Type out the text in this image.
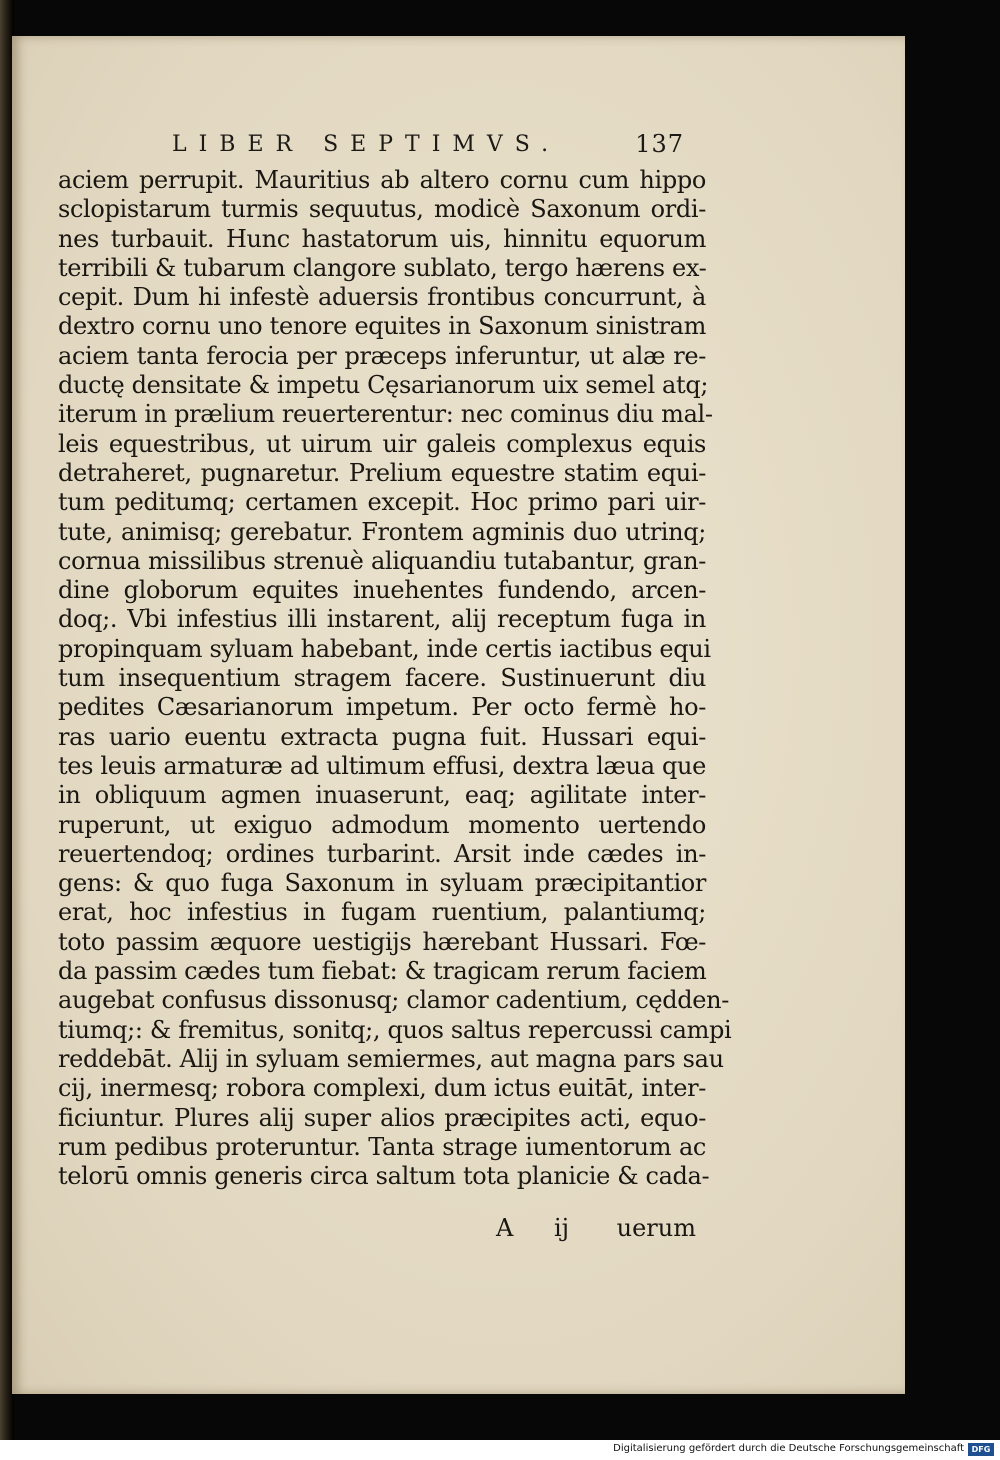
LIBER SEPTIMVS.	137
aciem perrupit. Mauritius ab altero cornu cum hippo
sclopistarum turmis sequutus, modicè Saxonum ordi-
nes turbauit. Hunc hastatorum uis, hinnitu equorum
terribili & tubarum clangore sublato, tergo hærens ex-
cepit. Dum hi infestè aduersis frontibus concurrunt, à
dextro cornu uno tenore equites in Saxonum sinistram
aciem tanta ferocia per præceps inferuntur, ut alæ re-
ductę densitate & impetu Cęsarianorum uix semel atq;
iterum in prælium reuerterentur: nec cominus diu mal-
leis equestribus, ut uirum uir galeis complexus equis
detraheret, pugnaretur. Prelium equestre statim equi-
tum peditumq; certamen excepit. Hoc primo pari uir-
tute, animisq; gerebatur. Frontem agminis duo utrinq;
cornua missilibus strenuè aliquandiu tutabantur, gran-
dine globorum equites inuehentes fundendo, arcen-
doq;. Vbi infestius illi instarent, alij receptum fuga in
propinquam syluam habebant, inde certis iactibus equi
tum insequentium stragem facere. Sustinuerunt diu
pedites Cæsarianorum impetum. Per octo fermè ho-
ras uario euentu extracta pugna fuit. Hussari equi-
tes leuis armaturæ ad ultimum effusi, dextra læua que
in obliquum agmen inuaserunt, eaq; agilitate inter-
ruperunt, ut exiguo admodum momento uertendo
reuertendoq; ordines turbarint. Arsit inde cædes in-
gens: & quo fuga Saxonum in syluam præcipitantior
erat, hoc infestius in fugam ruentium, palantiumq;
toto passim æquore uestigijs hærebant Hussari. Fœ-
da passim cædes tum fiebat: & tragicam rerum faciem
augebat confusus dissonusq; clamor cadentium, cędden-
tiumq;: & fremitus, sonitq;, quos saltus repercussi campi
reddebāt. Alij in syluam semiermes, aut magna pars sau
cij, inermesq; robora complexi, dum ictus euitāt, inter-
ficiuntur. Plures alij super alios præcipites acti, equo-
rum pedibus proteruntur. Tanta strage iumentorum ac
telorū omnis generis circa saltum tota planicie & cada-
A ij uerum
Digitalisierung gefördert durch die Deutsche Forschungsgemeinschaft DFG
